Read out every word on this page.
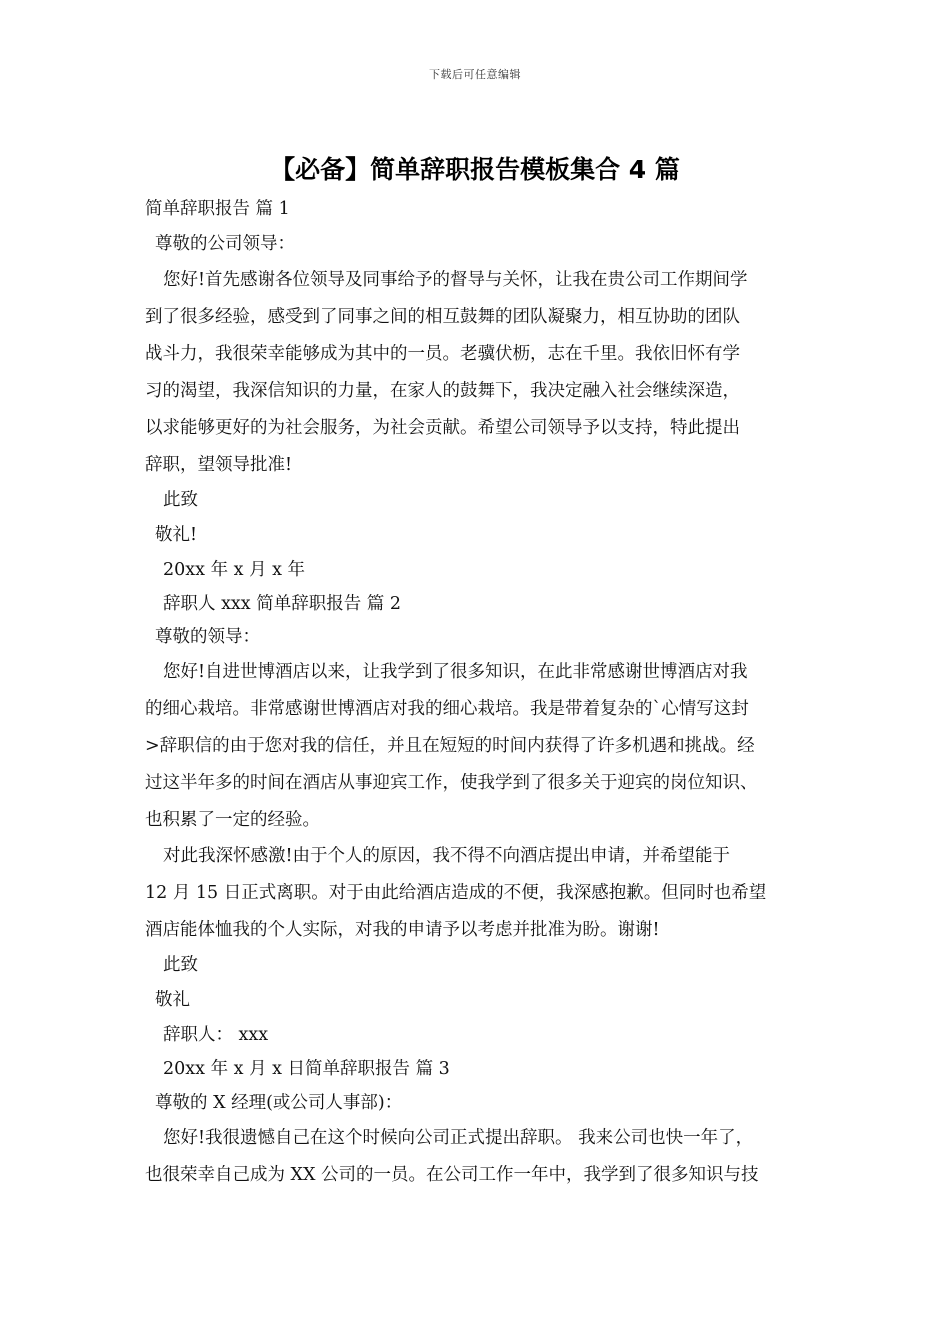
下载后可任意编辑
【必备】简单辞职报告模板集合 4 篇
简单辞职报告 篇 1
尊敬的公司领导：
您好!首先感谢各位领导及同事给予的督导与关怀，让我在贵公司工作期间学
到了很多经验，感受到了同事之间的相互鼓舞的团队凝聚力，相互协助的团队
战斗力，我很荣幸能够成为其中的一员。老骥伏枥，志在千里。我依旧怀有学
习的渴望，我深信知识的力量，在家人的鼓舞下，我决定融入社会继续深造，
以求能够更好的为社会服务，为社会贡献。希望公司领导予以支持，特此提出
辞职，望领导批准!
此致
敬礼!
20xx 年 x 月 x 年
辞职人 xxx 简单辞职报告 篇 2
尊敬的领导：
您好!自进世博酒店以来，让我学到了很多知识，在此非常感谢世博酒店对我
的细心栽培。非常感谢世博酒店对我的细心栽培。我是带着复杂的`心情写这封
>辞职信的由于您对我的信任，并且在短短的时间内获得了许多机遇和挑战。经
过这半年多的时间在酒店从事迎宾工作，使我学到了很多关于迎宾的岗位知识、
也积累了一定的经验。
对此我深怀感激!由于个人的原因，我不得不向酒店提出申请，并希望能于
12 月 15 日正式离职。对于由此给酒店造成的不便，我深感抱歉。但同时也希望
酒店能体恤我的个人实际，对我的申请予以考虑并批准为盼。谢谢!
此致
敬礼
辞职人： xxx
20xx 年 x 月 x 日简单辞职报告 篇 3
尊敬的 X 经理(或公司人事部)：
您好!我很遗憾自己在这个时候向公司正式提出辞职。 我来公司也快一年了，
也很荣幸自己成为 XX 公司的一员。在公司工作一年中，我学到了很多知识与技
